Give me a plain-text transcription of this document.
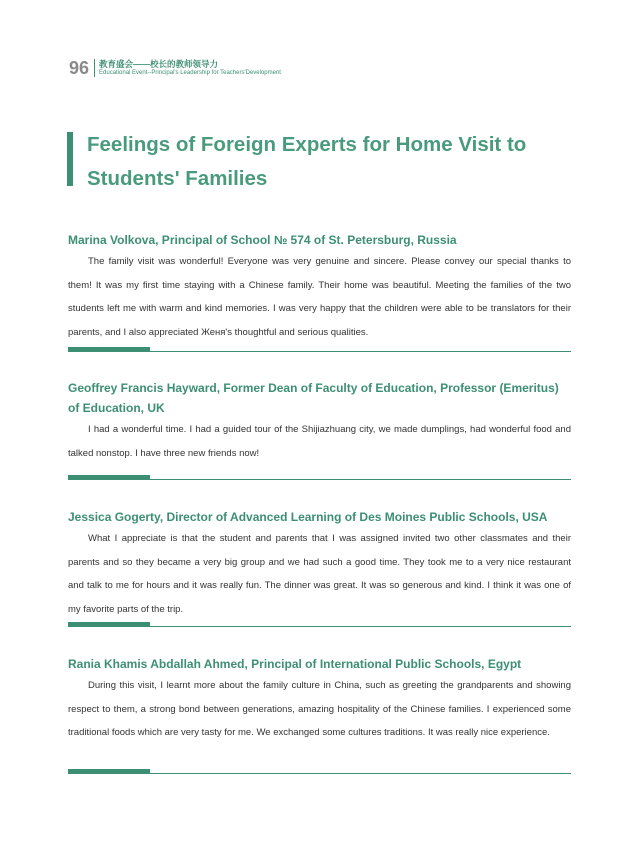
96 教育盛会——校长的教师领导力
Educational Event--Principal's Leadership for Teachers'Development
Feelings of Foreign Experts for Home Visit to Students' Families
Marina Volkova, Principal of School № 574 of St. Petersburg, Russia

The family visit was wonderful! Everyone was very genuine and sincere. Please convey our special thanks to them! It was my first time staying with a Chinese family. Their home was beautiful. Meeting the families of the two students left me with warm and kind memories. I was very happy that the children were able to be translators for their parents, and I also appreciated Женя's thoughtful and serious qualities.

Geoffrey Francis Hayward, Former Dean of Faculty of Education, Professor (Emeritus) of Education, UK

I had a wonderful time. I had a guided tour of the Shijiazhuang city, we made dumplings, had wonderful food and talked nonstop. I have three new friends now!

Jessica Gogerty, Director of Advanced Learning of Des Moines Public Schools, USA

What I appreciate is that the student and parents that I was assigned invited two other classmates and their parents and so they became a very big group and we had such a good time. They took me to a very nice restaurant and talk to me for hours and it was really fun. The dinner was great. It was so generous and kind. I think it was one of my favorite parts of the trip.

Rania Khamis Abdallah Ahmed, Principal of International Public Schools, Egypt

During this visit, I learnt more about the family culture in China, such as greeting the grandparents and showing respect to them, a strong bond between generations, amazing hospitality of the Chinese families. I experienced some traditional foods which are very tasty for me. We exchanged some cultures traditions. It was really nice experience.
